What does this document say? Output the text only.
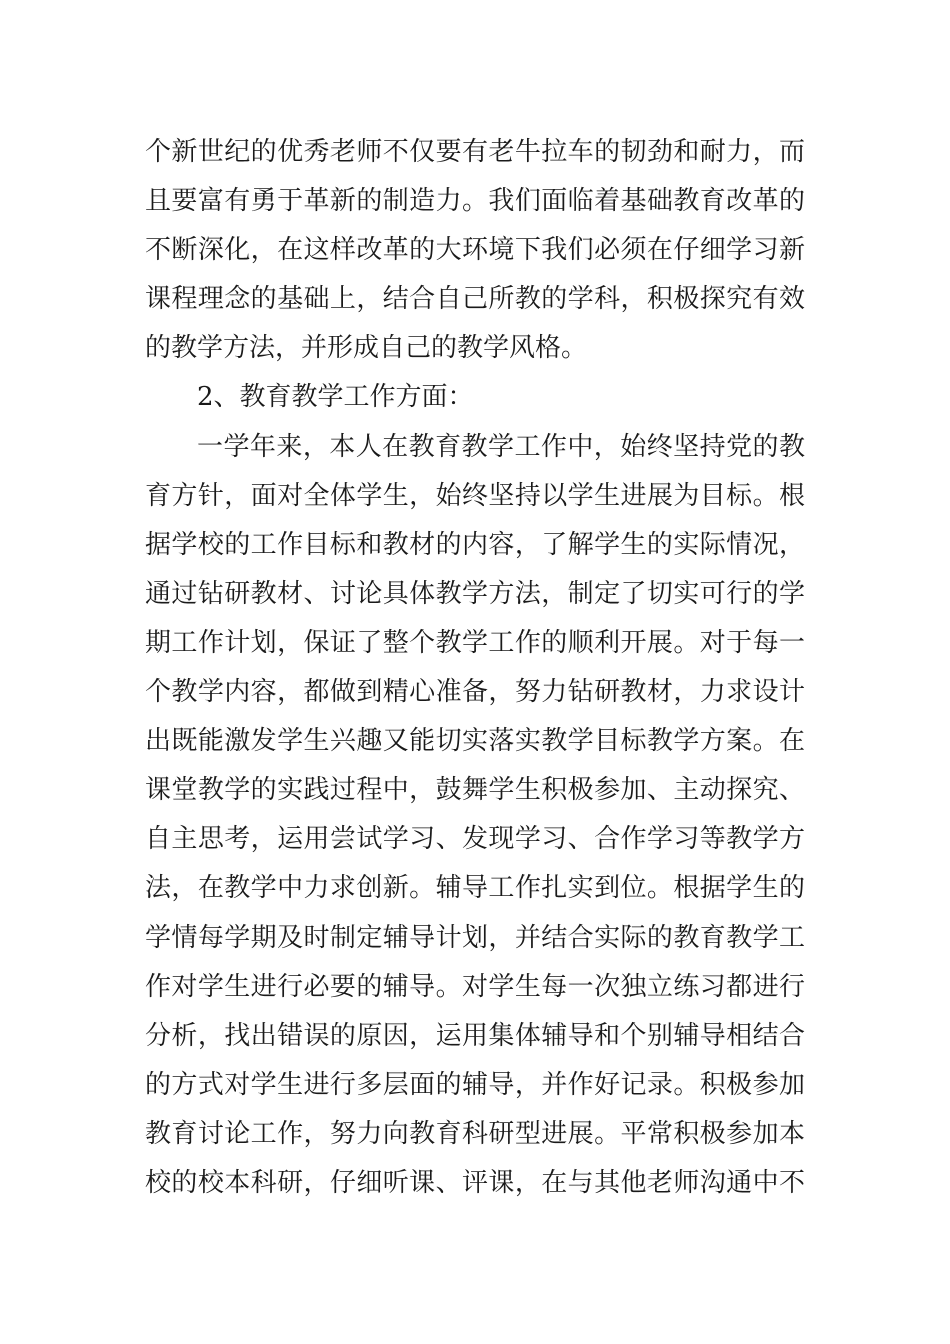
个新世纪的优秀老师不仅要有老牛拉车的韧劲和耐力，而
且要富有勇于革新的制造力。我们面临着基础教育改革的
不断深化，在这样改革的大环境下我们必须在仔细学习新
课程理念的基础上，结合自己所教的学科，积极探究有效
的教学方法，并形成自己的教学风格。
2、教育教学工作方面：
一学年来，本人在教育教学工作中，始终坚持党的教
育方针，面对全体学生，始终坚持以学生进展为目标。根
据学校的工作目标和教材的内容，了解学生的实际情况，
通过钻研教材、讨论具体教学方法，制定了切实可行的学
期工作计划，保证了整个教学工作的顺利开展。对于每一
个教学内容，都做到精心准备，努力钻研教材，力求设计
出既能激发学生兴趣又能切实落实教学目标教学方案。在
课堂教学的实践过程中，鼓舞学生积极参加、主动探究、
自主思考，运用尝试学习、发现学习、合作学习等教学方
法，在教学中力求创新。辅导工作扎实到位。根据学生的
学情每学期及时制定辅导计划，并结合实际的教育教学工
作对学生进行必要的辅导。对学生每一次独立练习都进行
分析，找出错误的原因，运用集体辅导和个别辅导相结合
的方式对学生进行多层面的辅导，并作好记录。积极参加
教育讨论工作，努力向教育科研型进展。平常积极参加本
校的校本科研，仔细听课、评课，在与其他老师沟通中不
